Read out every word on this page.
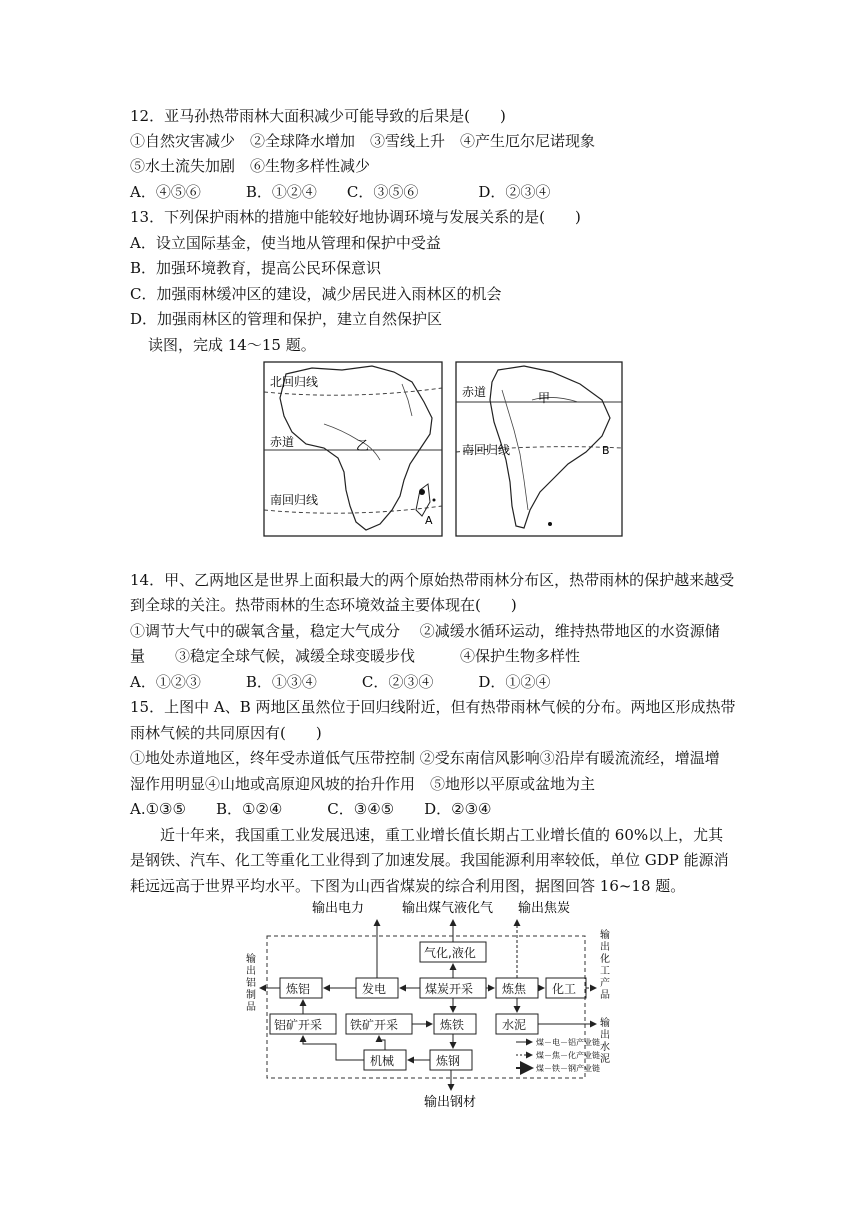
12．亚马孙热带雨林大面积减少可能导致的后果是(　　)
①自然灾害减少　②全球降水增加　③雪线上升　④产生厄尔尼诺现象
⑤水土流失加剧　⑥生物多样性减少
A．④⑤⑥　　　B．①②④　　C．③⑤⑥　　　　D．②③④
13．下列保护雨林的措施中能较好地协调环境与发展关系的是(　　)
A．设立国际基金，使当地从管理和保护中受益
B．加强环境教育，提高公民环保意识
C．加强雨林缓冲区的建设，减少居民进入雨林区的机会
D．加强雨林区的管理和保护，建立自然保护区
读图，完成 14～15 题。
北回归线
赤道
南回归线
乙
A
赤道
南回归线
甲
B
14．甲、乙两地区是世界上面积最大的两个原始热带雨林分布区，热带雨林的保护越来越受
到全球的关注。热带雨林的生态环境效益主要体现在(　　)
①调节大气中的碳氧含量，稳定大气成分　 ②减缓水循环运动，维持热带地区的水资源储
量　　③稳定全球气候，减缓全球变暖步伐　　　④保护生物多样性
A．①②③　　　B．①③④　　　C．②③④　　　D．①②④
15．上图中 A、B 两地区虽然位于回归线附近，但有热带雨林气候的分布。两地区形成热带
雨林气候的共同原因有(　　)
①地处赤道地区，终年受赤道低气压带控制 ②受东南信风影响③沿岸有暖流流经，增温增
湿作用明显④山地或高原迎风坡的抬升作用　⑤地形以平原或盆地为主
A.①③⑤　　B．①②④　　　C．③④⑤　　D．②③④
近十年来，我国重工业发展迅速，重工业增长值长期占工业增长值的 60%以上，尤其
是钢铁、汽车、化工等重化工业得到了加速发展。我国能源利用率较低，单位 GDP 能源消
耗远远高于世界平均水平。下图为山西省煤炭的综合利用图，据图回答 16~18 题。
输出电力	输出煤气液化气 输出焦炭
输
出
铝
制
品
输
出
化
工
产
品
输
出
水
泥
气化,液化
炼铝	发电	煤炭开采 炼焦 化工
铝矿开采 铁矿开采	炼铁	水泥
机械	炼钢
煤－电－铝产业链
煤－焦－化产业链
煤－铁－钢产业链
输出钢材
